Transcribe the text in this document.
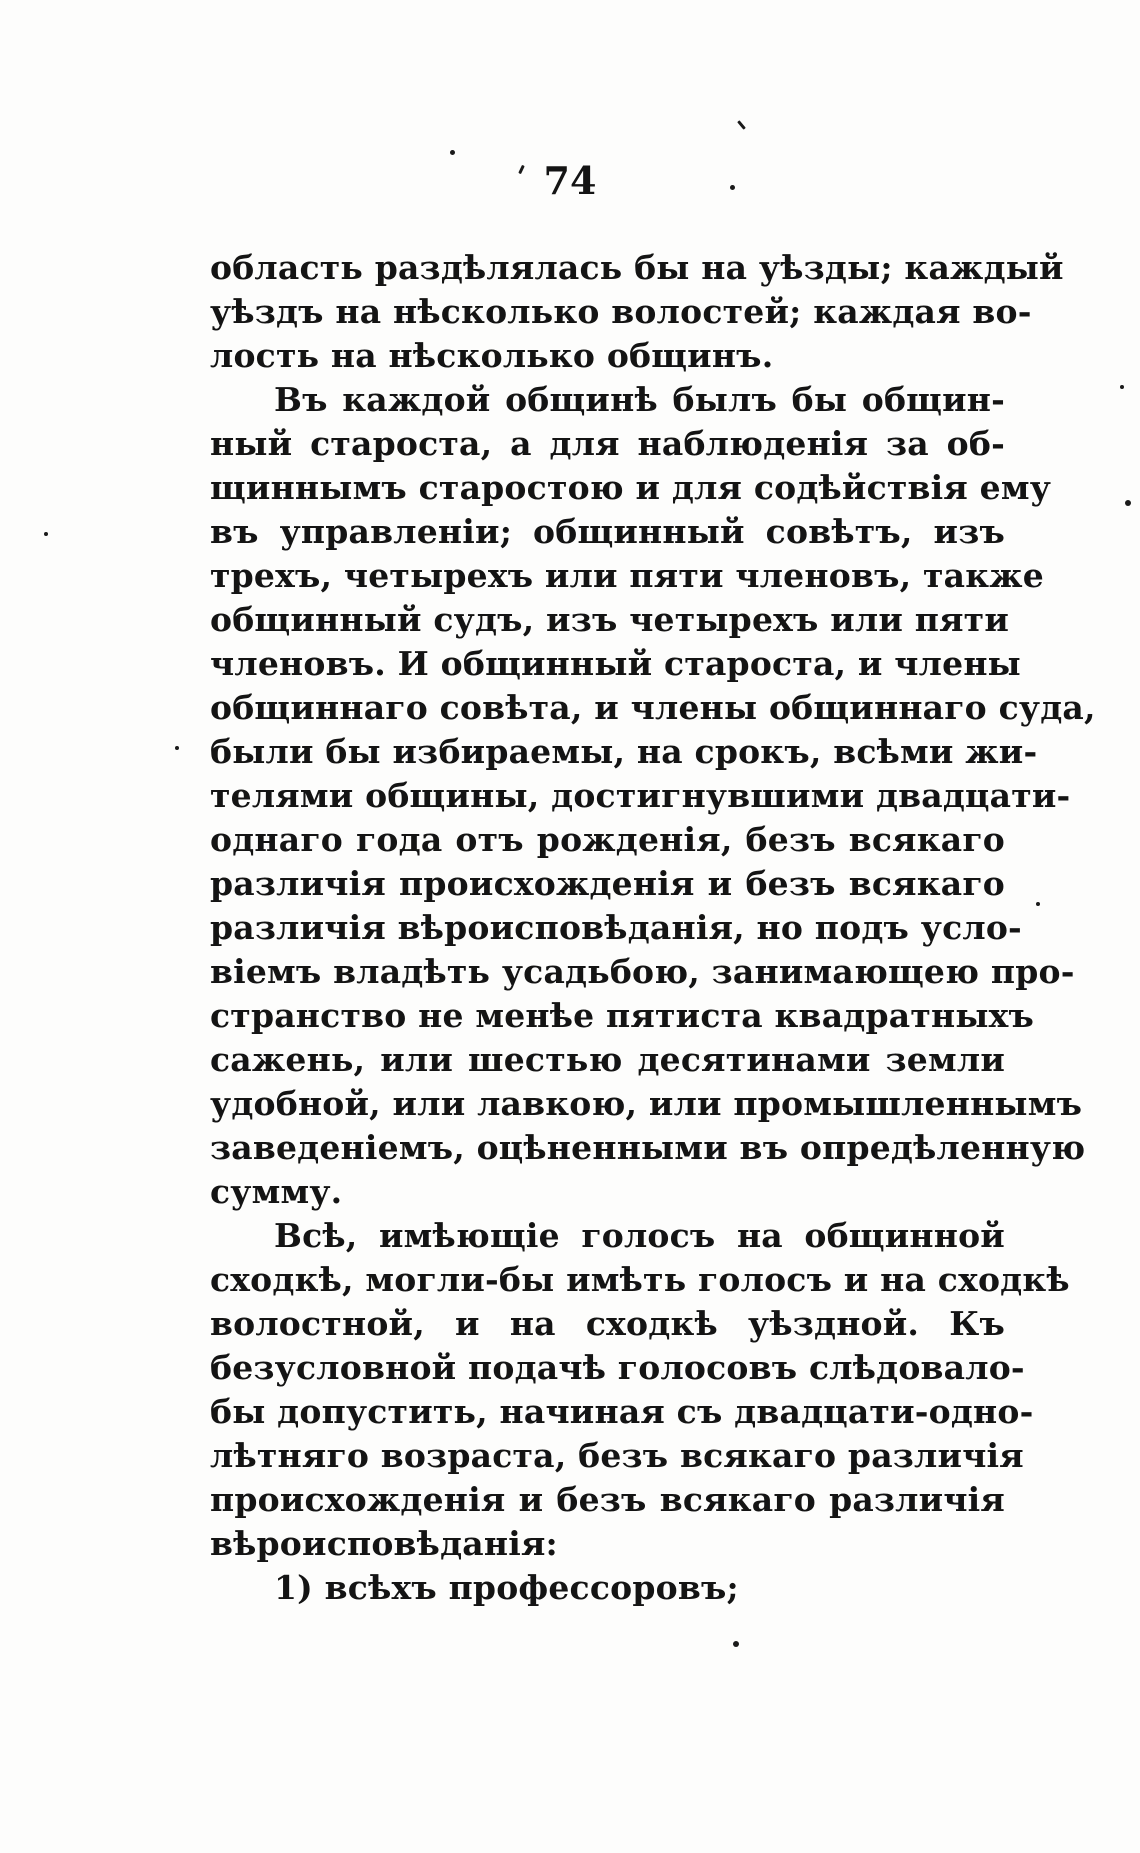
74
область раздѣлялась бы на уѣзды; каждый
уѣздъ на нѣсколько волостей; каждая во-
лость на нѣсколько общинъ.
Въ каждой общинѣ былъ бы общин-
ный староста, а для наблюденія за об-
щиннымъ старостою и для содѣйствія ему
въ управленіи; общинный совѣтъ, изъ
трехъ, четырехъ или пяти членовъ, также
общинный судъ, изъ четырехъ или пяти
членовъ. И общинный староста, и члены
общиннаго совѣта, и члены общиннаго суда,
были бы избираемы, на срокъ, всѣми жи-
телями общины, достигнувшими двадцати-
однаго года отъ рожденія, безъ всякаго
различія происхожденія и безъ всякаго
различія вѣроисповѣданія, но подъ усло-
віемъ владѣть усадьбою, занимающею про-
странство не менѣе пятиста квадратныхъ
сажень, или шестью десятинами земли
удобной, или лавкою, или промышленнымъ
заведеніемъ, оцѣненными въ опредѣленную
сумму.
Всѣ, имѣющіе голосъ на общинной
сходкѣ, могли-бы имѣть голосъ и на сходкѣ
волостной, и на сходкѣ уѣздной. Къ
безусловной подачѣ голосовъ слѣдовало-
бы допустить, начиная съ двадцати-одно-
лѣтняго возраста, безъ всякаго различія
происхожденія и безъ всякаго различія
вѣроисповѣданія:
1) всѣхъ профессоровъ;
